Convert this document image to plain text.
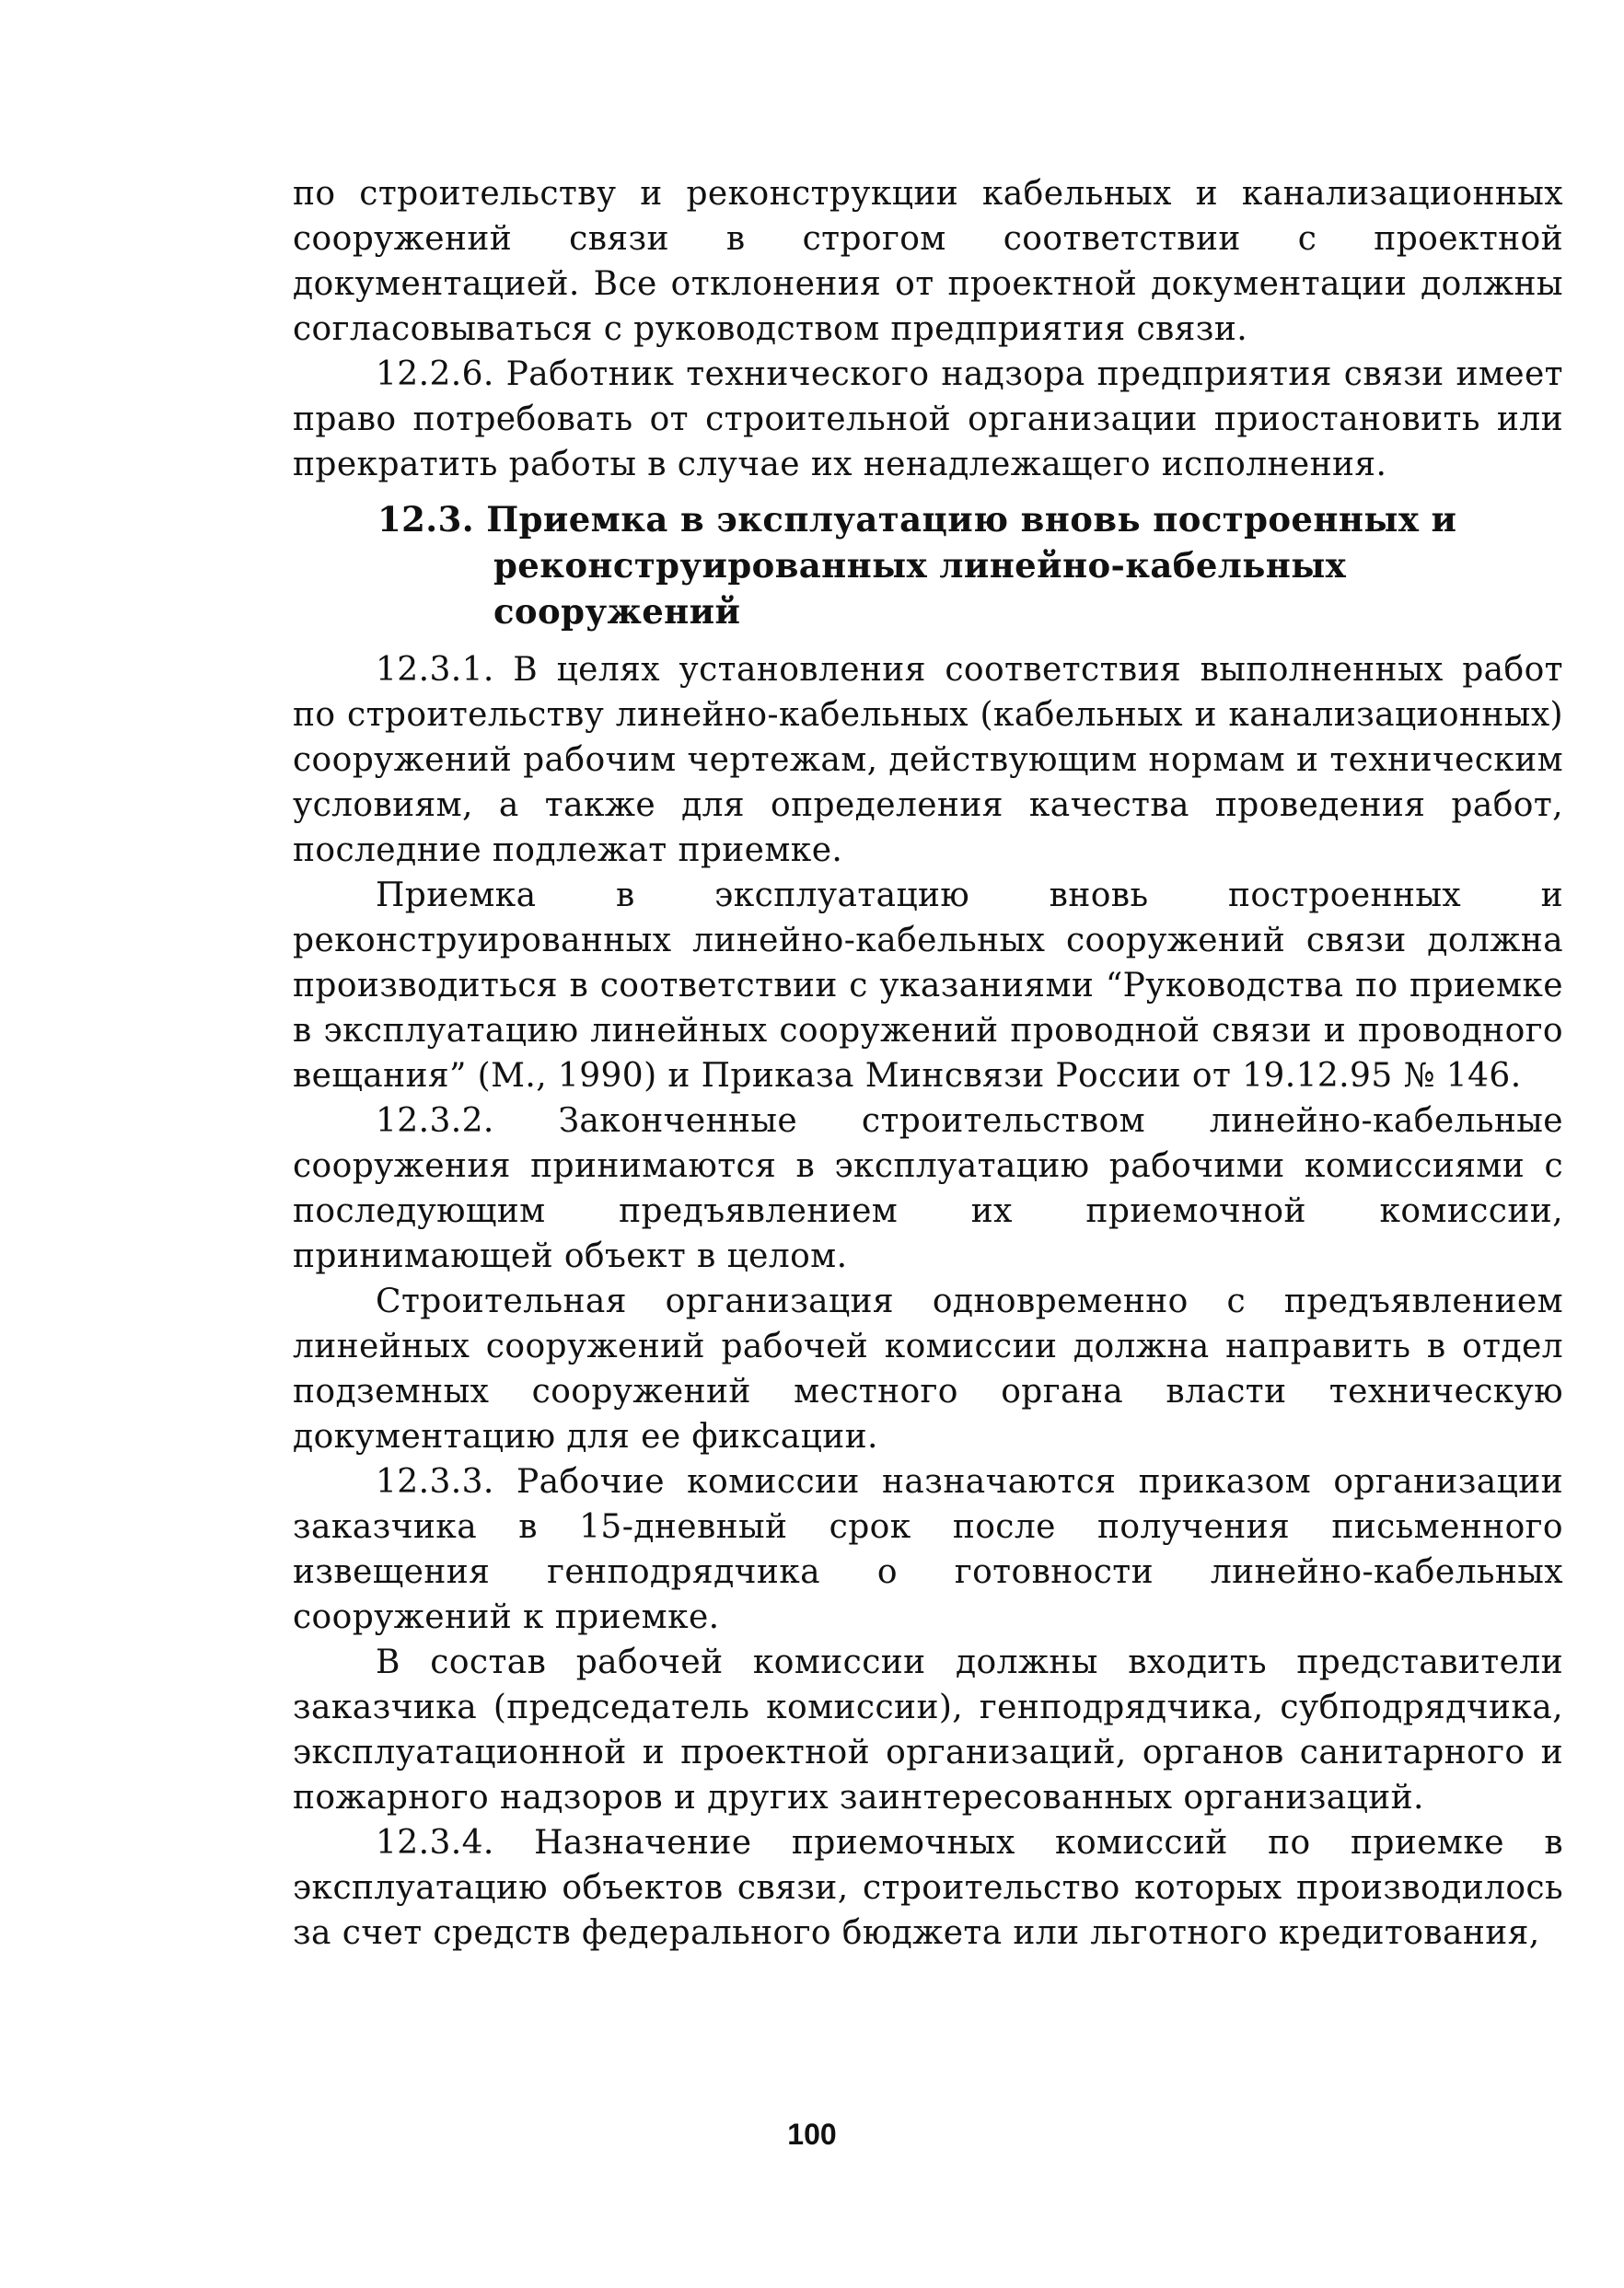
по строительству и реконструкции кабельных и канализационных сооружений связи в строгом соответствии с проектной документацией. Все отклонения от проектной документации должны согласовываться с руководством предприятия связи.

12.2.6. Работник технического надзора предприятия связи имеет право потребовать от строительной организации приостановить или прекратить работы в случае их ненадлежащего исполнения.

12.3. Приемка в эксплуатацию вновь построенных и
реконструированных линейно-кабельных сооружений

12.3.1. В целях установления соответствия выполненных работ по строительству линейно-кабельных (кабельных и канализационных) сооружений рабочим чертежам, действующим нормам и техническим условиям, а также для определения качества проведения работ, последние подлежат приемке.

Приемка в эксплуатацию вновь построенных и реконструированных линейно-кабельных сооружений связи должна производиться в соответствии с указаниями “Руководства по приемке в эксплуатацию линейных сооружений проводной связи и проводного вещания” (М., 1990) и Приказа Минсвязи России от 19.12.95 № 146.

12.3.2. Законченные строительством линейно-кабельные сооружения принимаются в эксплуатацию рабочими комиссиями с последующим предъявлением их приемочной комиссии, принимающей объект в целом.

Строительная организация одновременно с предъявлением линейных сооружений рабочей комиссии должна направить в отдел подземных сооружений местного органа власти техническую документацию для ее фиксации.

12.3.3. Рабочие комиссии назначаются приказом организации заказчика в 15-дневный срок после получения письменного извещения генподрядчика о готовности линейно-кабельных сооружений к приемке.

В состав рабочей комиссии должны входить представители заказчика (председатель комиссии), генподрядчика, субподрядчика, эксплуатационной и проектной организаций, органов санитарного и пожарного надзоров и других заинтересованных организаций.

12.3.4. Назначение приемочных комиссий по приемке в эксплуатацию объектов связи, строительство которых производилось за счет средств федерального бюджета или льготного кредитования,

100
